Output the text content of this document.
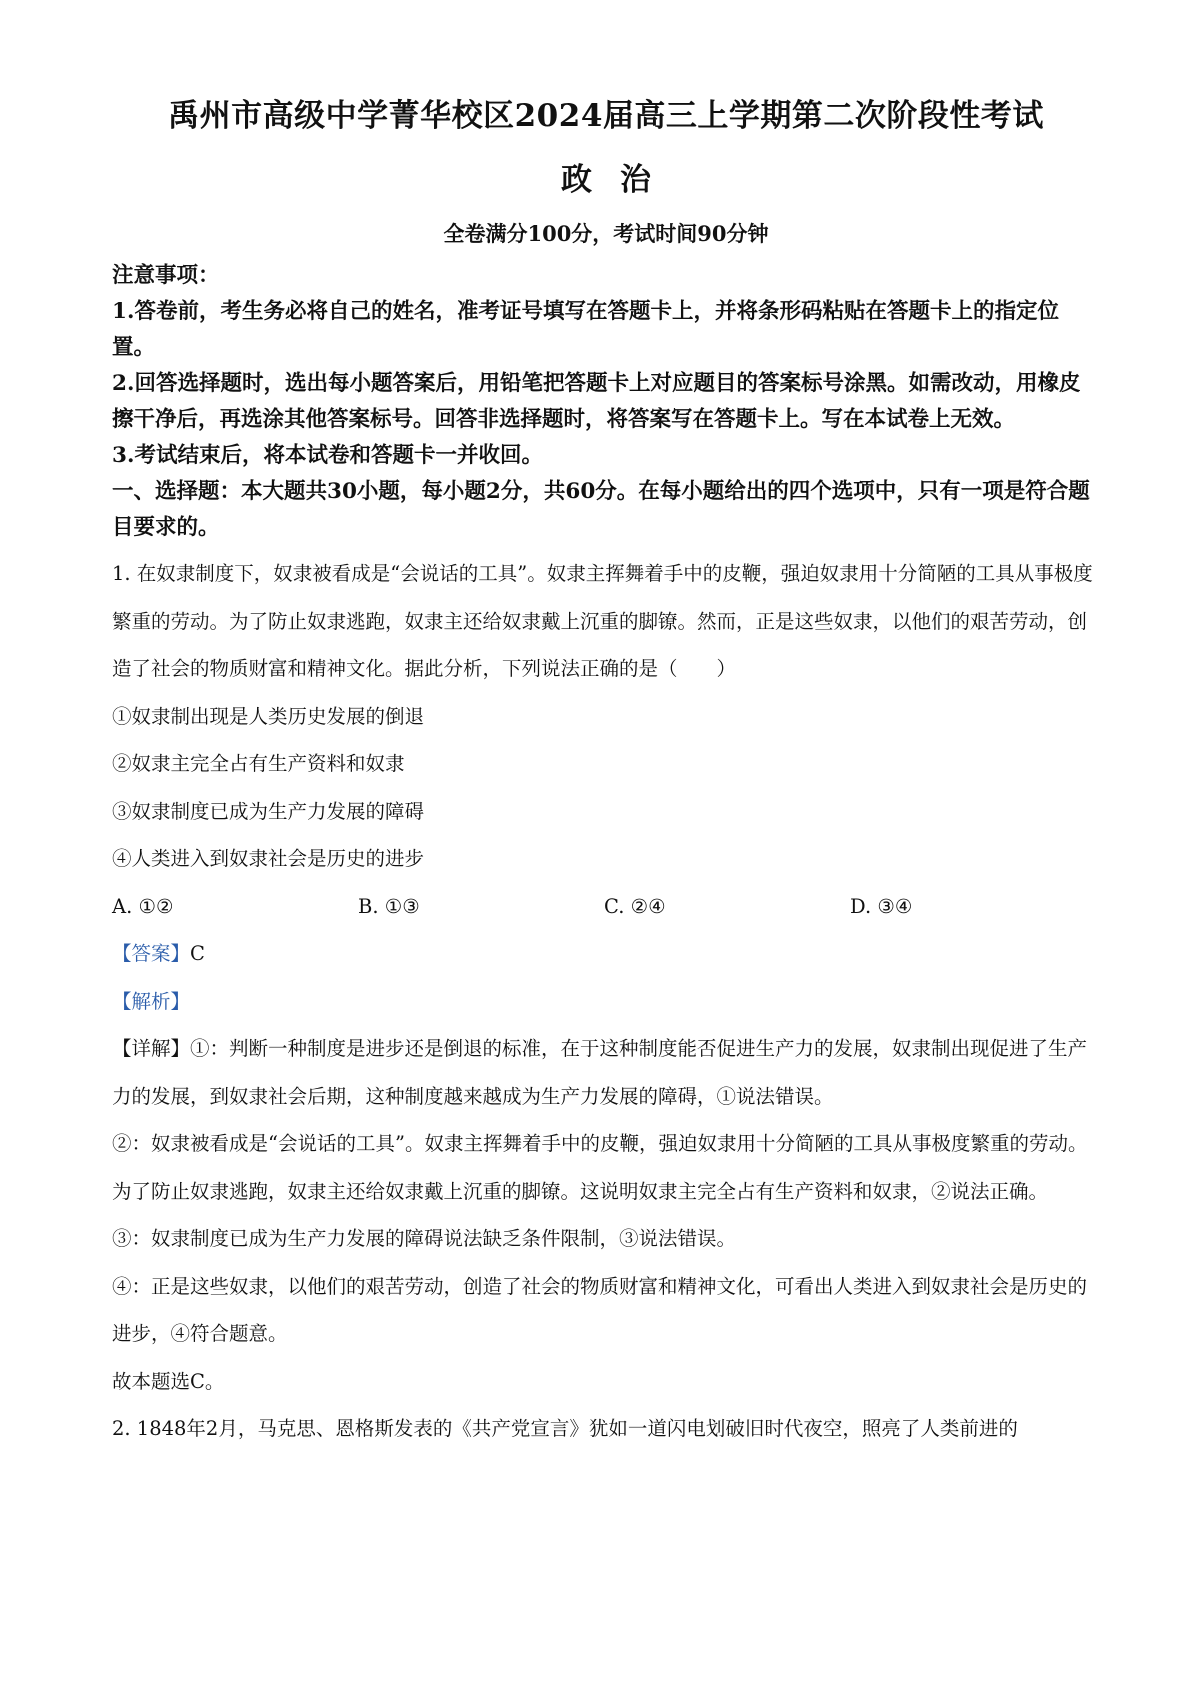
禹州市高级中学菁华校区2024届高三上学期第二次阶段性考试
政治
全卷满分100分，考试时间90分钟

注意事项：

1.答卷前，考生务必将自己的姓名，准考证号填写在答题卡上，并将条形码粘贴在答题卡上的指定位置。

2.回答选择题时，选出每小题答案后，用铅笔把答题卡上对应题目的答案标号涂黑。如需改动，用橡皮擦干净后，再选涂其他答案标号。回答非选择题时，将答案写在答题卡上。写在本试卷上无效。

3.考试结束后，将本试卷和答题卡一并收回。

一、选择题：本大题共30小题，每小题2分，共60分。在每小题给出的四个选项中，只有一项是符合题目要求的。

1. 在奴隶制度下，奴隶被看成是“会说话的工具”。奴隶主挥舞着手中的皮鞭，强迫奴隶用十分简陋的工具从事极度繁重的劳动。为了防止奴隶逃跑，奴隶主还给奴隶戴上沉重的脚镣。然而，正是这些奴隶，以他们的艰苦劳动，创造了社会的物质财富和精神文化。据此分析，下列说法正确的是（　　）

①奴隶制出现是人类历史发展的倒退

②奴隶主完全占有生产资料和奴隶

③奴隶制度已成为生产力发展的障碍

④人类进入到奴隶社会是历史的进步

A. ①②	B. ①③	C. ②④	D. ③④

【答案】C

【解析】

【详解】①：判断一种制度是进步还是倒退的标准，在于这种制度能否促进生产力的发展，奴隶制出现促进了生产力的发展，到奴隶社会后期，这种制度越来越成为生产力发展的障碍，①说法错误。

②：奴隶被看成是“会说话的工具”。奴隶主挥舞着手中的皮鞭，强迫奴隶用十分简陋的工具从事极度繁重的劳动。为了防止奴隶逃跑，奴隶主还给奴隶戴上沉重的脚镣。这说明奴隶主完全占有生产资料和奴隶，②说法正确。

③：奴隶制度已成为生产力发展的障碍说法缺乏条件限制，③说法错误。

④：正是这些奴隶，以他们的艰苦劳动，创造了社会的物质财富和精神文化，可看出人类进入到奴隶社会是历史的进步，④符合题意。

故本题选C。

2. 1848年2月，马克思、恩格斯发表的《共产党宣言》犹如一道闪电划破旧时代夜空，照亮了人类前进的
